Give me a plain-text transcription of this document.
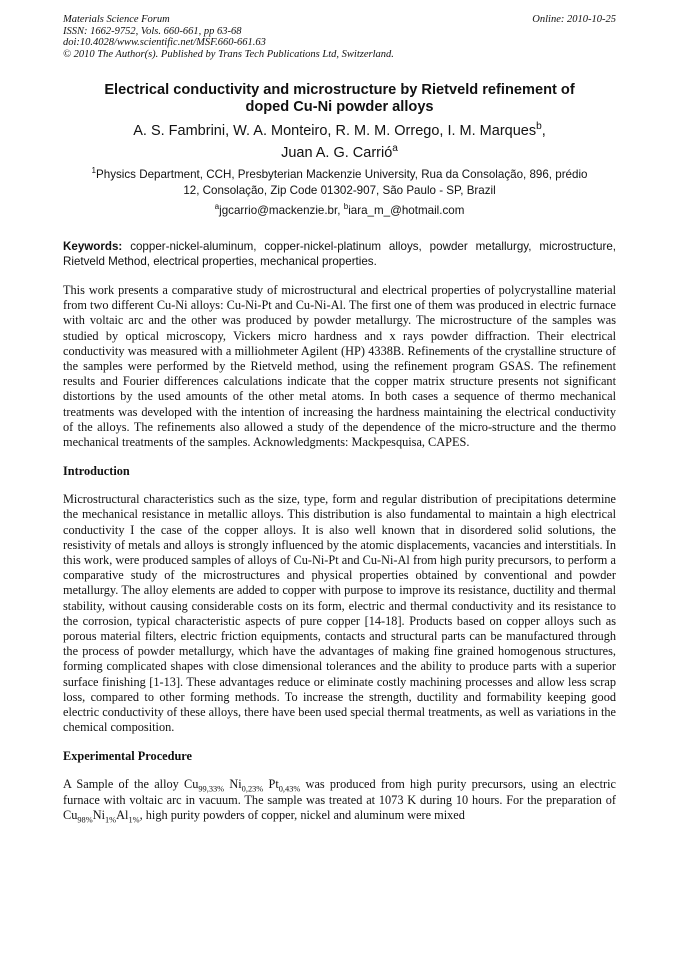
Materials Science Forum	Online: 2010-10-25
ISSN: 1662-9752, Vols. 660-661, pp 63-68
doi:10.4028/www.scientific.net/MSF.660-661.63
© 2010 The Author(s). Published by Trans Tech Publications Ltd, Switzerland.
Electrical conductivity and microstructure by Rietveld refinement of
doped Cu-Ni powder alloys
A. S. Fambrini, W. A. Monteiro, R. M. M. Orrego, I. M. Marques$^b$,
Juan A. G. Carrió$^a$
$^1$Physics Department, CCH, Presbyterian Mackenzie University, Rua da Consolação, 896, prédio
12, Consolação, Zip Code 01302-907, São Paulo - SP, Brazil
$^a$jgcarrio@mackenzie.br, $^b$iara_m_@hotmail.com
Keywords: copper-nickel-aluminum, copper-nickel-platinum alloys, powder metallurgy, microstructure, Rietveld Method, electrical properties, mechanical properties.
This work presents a comparative study of microstructural and electrical properties of polycrystalline material from two different Cu-Ni alloys: Cu-Ni-Pt and Cu-Ni-Al. The first one of them was produced in electric furnace with voltaic arc and the other was produced by powder metallurgy. The microstructure of the samples was studied by optical microscopy, Vickers micro hardness and x rays powder diffraction. Their electrical conductivity was measured with a milliohmeter Agilent (HP) 4338B. Refinements of the crystalline structure of the samples were performed by the Rietveld method, using the refinement program GSAS. The refinement results and Fourier differences calculations indicate that the copper matrix structure presents not significant distortions by the used amounts of the other metal atoms. In both cases a sequence of thermo mechanical treatments was developed with the intention of increasing the hardness maintaining the electrical conductivity of the alloys. The refinements also allowed a study of the dependence of the micro-structure and the thermo mechanical treatments of the samples. Acknowledgments: Mackpesquisa, CAPES.
Introduction
Microstructural characteristics such as the size, type, form and regular distribution of precipitations determine the mechanical resistance in metallic alloys. This distribution is also fundamental to maintain a high electrical conductivity I the case of the copper alloys. It is also well known that in disordered solid solutions, the resistivity of metals and alloys is strongly influenced by the atomic displacements, vacancies and interstitials. In this work, were produced samples of alloys of Cu-Ni-Pt and Cu-Ni-Al from high purity precursors, to perform a comparative study of the microstructures and physical properties obtained by conventional and powder metallurgy. The alloy elements are added to copper with purpose to improve its resistance, ductility and thermal stability, without causing considerable costs on its form, electric and thermal conductivity and its resistance to the corrosion, typical characteristic aspects of pure copper [14-18]. Products based on copper alloys such as porous material filters, electric friction equipments, contacts and structural parts can be manufactured through the process of powder metallurgy, which have the advantages of making fine grained homogenous structures, forming complicated shapes with close dimensional tolerances and the ability to produce parts with a superior surface finishing [1-13]. These advantages reduce or eliminate costly machining processes and allow less scrap loss, compared to other forming methods. To increase the strength, ductility and formability keeping good electric conductivity of these alloys, there have been used special thermal treatments, as well as variations in the chemical composition.
Experimental Procedure
A Sample of the alloy $Cu_{99,33\%}$ $Ni_{0,23\%}$ $Pt_{0,43\%}$ was produced from high purity precursors, using an electric furnace with voltaic arc in vacuum. The sample was treated at 1073 K during 10 hours. For the preparation of $Cu_{98\%}Ni_{1\%}Al_{1\%}$, high purity powders of copper, nickel and aluminum were mixed
